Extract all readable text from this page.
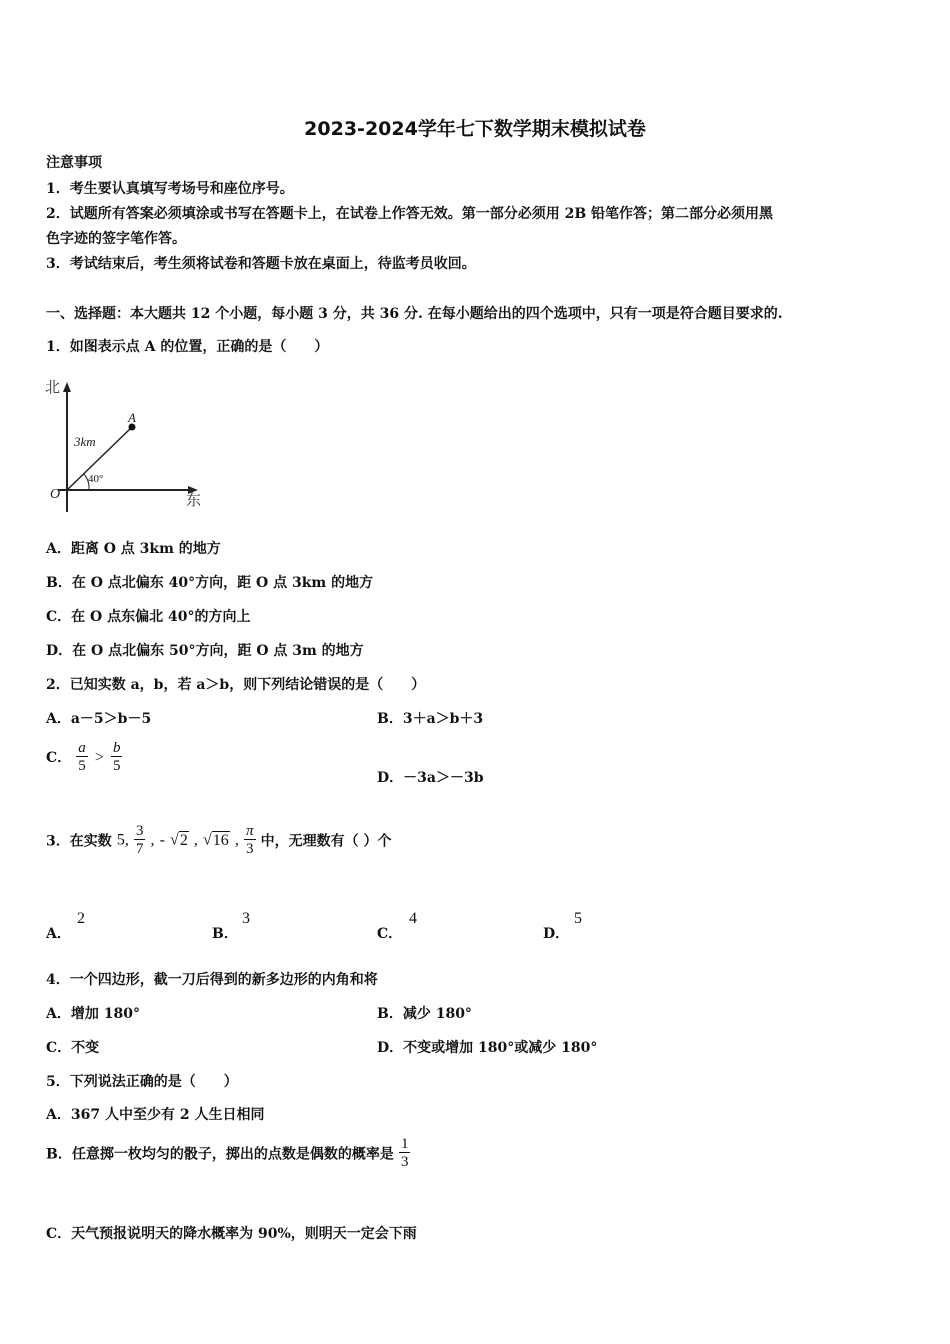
2023-2024学年七下数学期末模拟试卷
注意事项
1．考生要认真填写考场号和座位序号。
2．试题所有答案必须填涂或书写在答题卡上，在试卷上作答无效。第一部分必须用 2B 铅笔作答；第二部分必须用黑
色字迹的签字笔作答。
3．考试结束后，考生须将试卷和答题卡放在桌面上，待监考员收回。
一、选择题：本大题共 12 个小题，每小题 3 分，共 36 分. 在每小题给出的四个选项中，只有一项是符合题目要求的.
1．如图表示点 A 的位置，正确的是（　　）
北
东
O
A
3km
40°
A．距离 O 点 3km 的地方
B．在 O 点北偏东 40°方向，距 O 点 3km 的地方
C．在 O 点东偏北 40°的方向上
D．在 O 点北偏东 50°方向，距 O 点 3m 的地方
2．已知实数 a，b，若 a＞b，则下列结论错误的是（　　）
A．a－5＞b－5	B．3＋a＞b＋3
C． $\frac{a}{5} > \frac{b}{5}$
D．－3a＞－3b
3．在实数 5, $\frac{3}{7}$ , - √2 , √16 , $\frac{\pi}{3}$ 中，无理数有（ ）个
A．
2
B．
3
C．
4
D．
5
4．一个四边形，截一刀后得到的新多边形的内角和将
A．增加 180°	B．减少 180°
C．不变	D．不变或增加 180°或减少 180°
5．下列说法正确的是（　　）
A．367 人中至少有 2 人生日相同
B．任意掷一枚均匀的骰子，掷出的点数是偶数的概率是 $\frac{1}{3}$
C．天气预报说明天的降水概率为 90%，则明天一定会下雨
